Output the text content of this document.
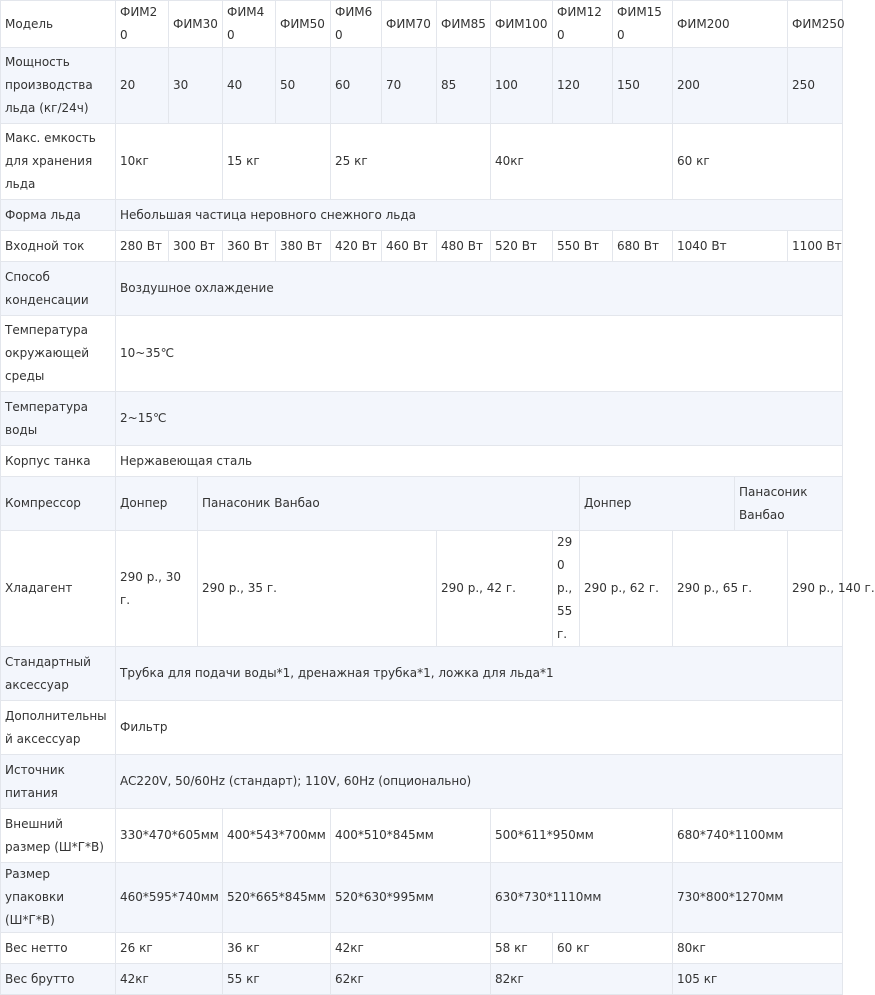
Модель	ФИМ20	ФИМ30		ФИМ40	ФИМ50	ФИМ60	ФИМ70	ФИМ85	ФИМ100	ФИМ120		ФИМ150	ФИМ200		ФИМ250
Мощность производства льда (кг/24ч)	20	30		40	50	60	70	85	100	120		150	200		250
Макс. емкость для хранения льда	10кг			15 кг		25 кг			40кг				60 кг		
Форма льда	Небольшая частица неровного снежного льда														
Входной ток	280 Вт	300 Вт		360 Вт	380 Вт	420 Вт	460 Вт	480 Вт	520 Вт	550 Вт		680 Вт	1040 Вт		1100 Вт
Способ конденсации	Воздушное охлаждение														
Температура окружающей среды	10~35℃														
Температура воды	2~15℃														
Корпус танка	Нержавеющая сталь														
Компрессор	Донпер		Панасоник Ванбао								Донпер			Панасоник Ванбао	
Хладагент	290 р., 30 г.		290 р., 35 г.					290 р., 42 г.		290 р., 55 г.	290 р., 62 г.		290 р., 65 г.		290 р., 140 г.
Стандартный аксессуар	Трубка для подачи воды*1, дренажная трубка*1, ложка для льда*1														
Дополнительный аксессуар	Фильтр														
Источник питания	AC220V, 50/60Hz (стандарт); 110V, 60Hz (опционально)														
Внешний размер (Ш*Г*В)	330*470*605мм			400*543*700мм		400*510*845мм			500*611*950мм				680*740*1100мм		
Размер упаковки (Ш*Г*В)	460*595*740мм			520*665*845мм		520*630*995мм			630*730*1110мм				730*800*1270мм		
Вес нетто	26 кг			36 кг		42кг			58 кг	60 кг			80кг		
Вес брутто	42кг			55 кг		62кг			82кг				105 кг		
